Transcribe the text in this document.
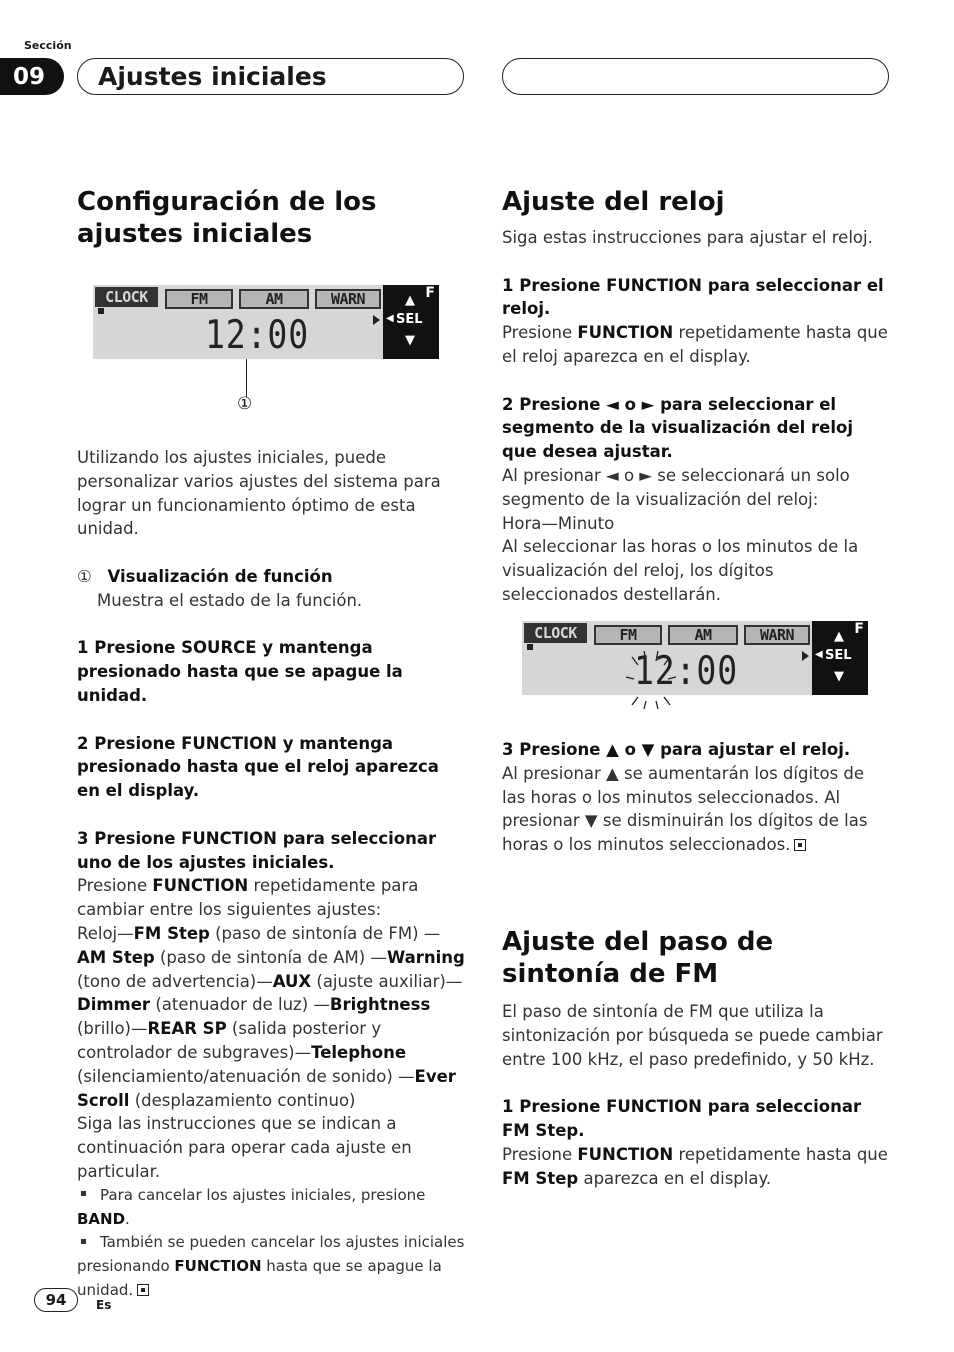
Sección
09	Ajustes iniciales
Configuración de los ajustes iniciales
CLOCK	FM	AM	WARN
12:00
F
▲
◀ SEL
▼
①

Utilizando los ajustes iniciales, puede personalizar varios ajustes del sistema para lograr un funcionamiento óptimo de esta unidad.

① Visualización de función

Muestra el estado de la función.

1 Presione SOURCE y mantenga presionado hasta que se apague la unidad.

2 Presione FUNCTION y mantenga presionado hasta que el reloj aparezca en el display.

3 Presione FUNCTION para seleccionar uno de los ajustes iniciales.

Presione FUNCTION repetidamente para cambiar entre los siguientes ajustes:

Reloj—FM Step (paso de sintonía de FM) —AM Step (paso de sintonía de AM) —Warning (tono de advertencia)—AUX (ajuste auxiliar)—Dimmer (atenuador de luz) —Brightness (brillo)—REAR SP (salida posterior y controlador de subgraves)—Telephone (silenciamiento/atenuación de sonido) —Ever Scroll (desplazamiento continuo)

Siga las instrucciones que se indican a continuación para operar cada ajuste en particular.

Para cancelar los ajustes iniciales, presione BAND.

También se pueden cancelar los ajustes iniciales presionando FUNCTION hasta que se apague la unidad.

Ajuste del reloj

Siga estas instrucciones para ajustar el reloj.

1 Presione FUNCTION para seleccionar el reloj.

Presione FUNCTION repetidamente hasta que el reloj aparezca en el display.

2 Presione ◄ o ► para seleccionar el segmento de la visualización del reloj que desea ajustar.

Al presionar ◄ o ► se seleccionará un solo segmento de la visualización del reloj:

Hora—Minuto

Al seleccionar las horas o los minutos de la visualización del reloj, los dígitos seleccionados destellarán.

CLOCK	FM	AM	WARN
12:00
F
▲
◀ SEL
▼

3 Presione ▲ o ▼ para ajustar el reloj.

Al presionar ▲ se aumentarán los dígitos de las horas o los minutos seleccionados. Al presionar ▼ se disminuirán los dígitos de las horas o los minutos seleccionados.

Ajuste del paso de sintonía de FM

El paso de sintonía de FM que utiliza la sintonización por búsqueda se puede cambiar entre 100 kHz, el paso predefinido, y 50 kHz.

1 Presione FUNCTION para seleccionar FM Step.

Presione FUNCTION repetidamente hasta que FM Step aparezca en el display.

94	Es
